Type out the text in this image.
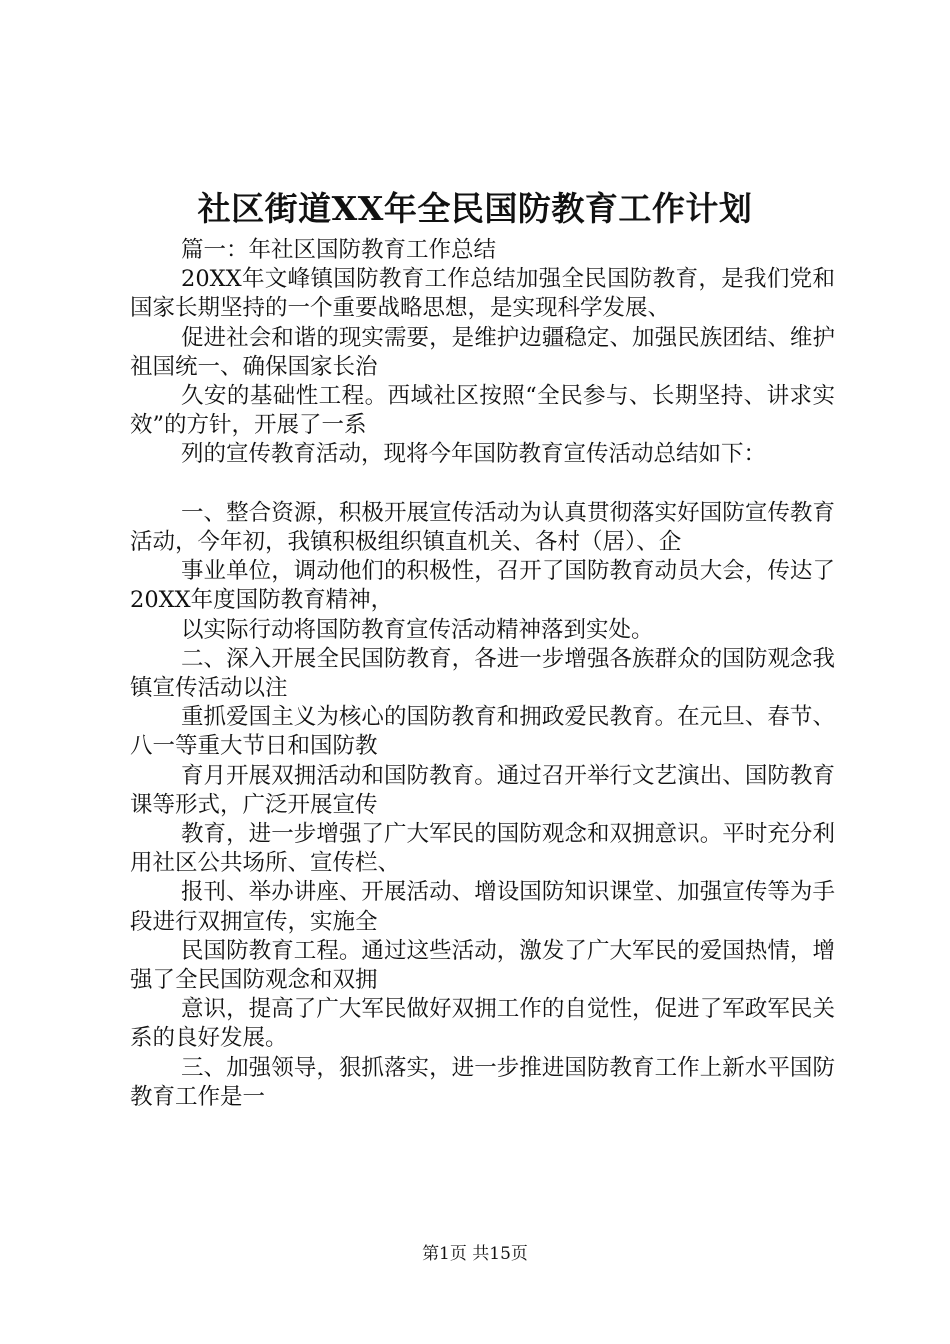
社区街道XX年全民国防教育工作计划

篇一：年社区国防教育工作总结

20XX年文峰镇国防教育工作总结加强全民国防教育，是我们党和国家长期坚持的一个重要战略思想，是实现科学发展、

促进社会和谐的现实需要，是维护边疆稳定、加强民族团结、维护祖国统一、确保国家长治

久安的基础性工程。西域社区按照“全民参与、长期坚持、讲求实效”的方针，开展了一系

列的宣传教育活动，现将今年国防教育宣传活动总结如下：

一、整合资源，积极开展宣传活动为认真贯彻落实好国防宣传教育活动，今年初，我镇积极组织镇直机关、各村（居）、企

事业单位，调动他们的积极性，召开了国防教育动员大会，传达了20XX年度国防教育精神，

以实际行动将国防教育宣传活动精神落到实处。

二、深入开展全民国防教育，各进一步增强各族群众的国防观念我镇宣传活动以注

重抓爱国主义为核心的国防教育和拥政爱民教育。在元旦、春节、八一等重大节日和国防教

育月开展双拥活动和国防教育。通过召开举行文艺演出、国防教育课等形式，广泛开展宣传

教育，进一步增强了广大军民的国防观念和双拥意识。平时充分利用社区公共场所、宣传栏、

报刊、举办讲座、开展活动、增设国防知识课堂、加强宣传等为手段进行双拥宣传，实施全

民国防教育工程。通过这些活动，激发了广大军民的爱国热情，增强了全民国防观念和双拥

意识，提高了广大军民做好双拥工作的自觉性，促进了军政军民关系的良好发展。

三、加强领导，狠抓落实，进一步推进国防教育工作上新水平国防教育工作是一

第1页 共15页
